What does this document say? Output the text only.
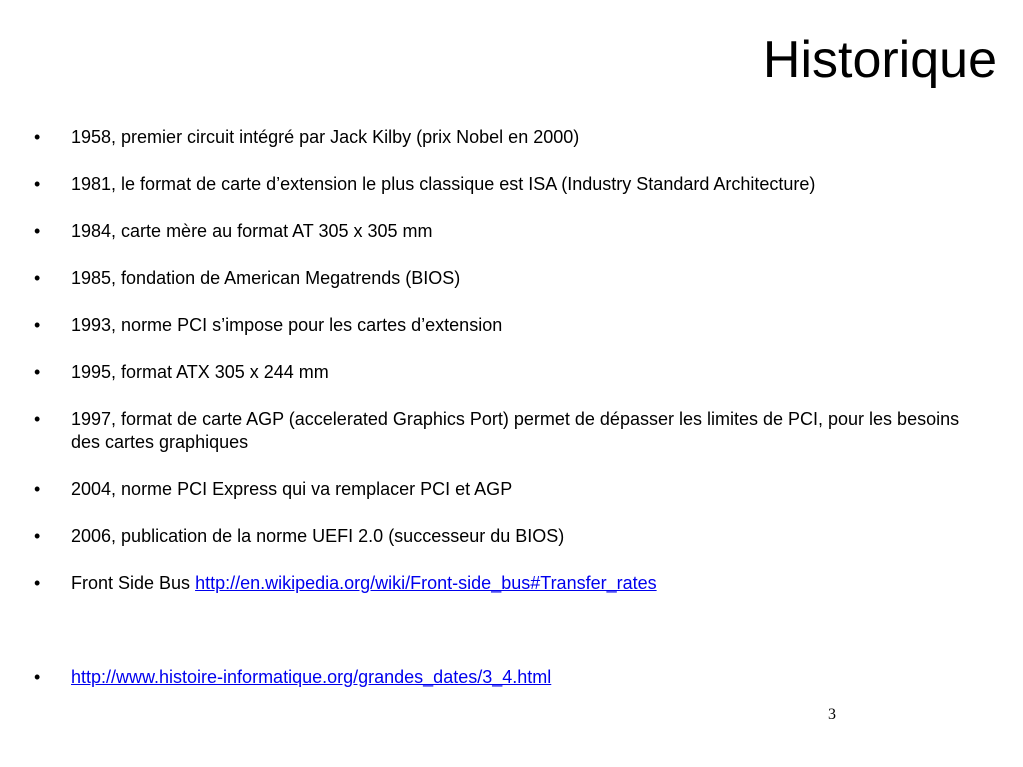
Historique
•	1958, premier circuit intégré par Jack Kilby (prix Nobel en 2000)
•	1981, le format de carte d’extension le plus classique est ISA (Industry Standard Architecture)
•	1984, carte mère au format AT 305 x 305 mm
•	1985, fondation de American Megatrends (BIOS)
•	1993, norme PCI s’impose pour les cartes d’extension
•	1995, format ATX 305 x 244 mm
•	1997, format de carte AGP (accelerated Graphics Port) permet de dépasser les limites de PCI, pour les besoins des cartes graphiques
•	2004, norme PCI Express qui va remplacer PCI et AGP
•	2006, publication de la norme UEFI 2.0 (successeur du BIOS)
•	Front Side Bus http://en.wikipedia.org/wiki/Front-side_bus#Transfer_rates
•	http://www.histoire-informatique.org/grandes_dates/3_4.html
3
